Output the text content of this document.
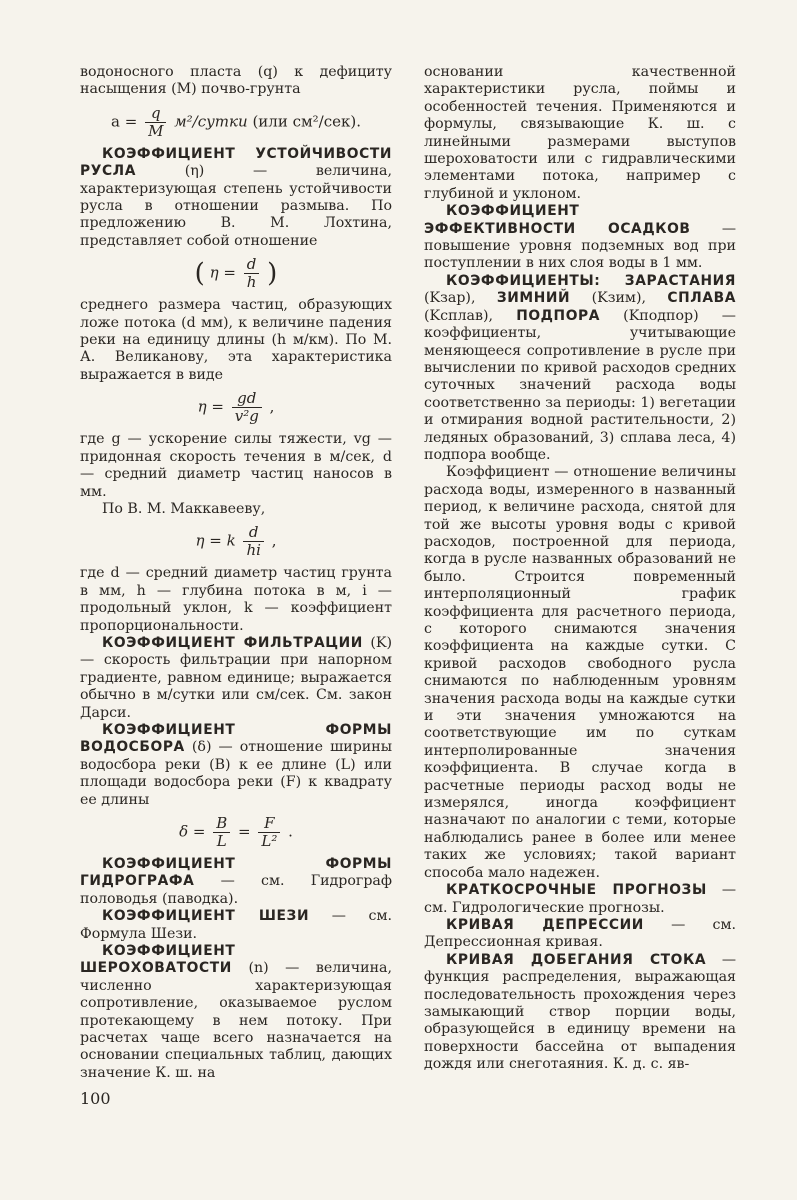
водоносного пласта (q) к дефициту насыщения (M) почво-грунта

$a = \frac{q}{M}$ м²/сутки (или см²/сек).

КОЭФФИЦИЕНТ УСТОЙЧИВОСТИ РУСЛА	(η) — величина, характеризующая степень устойчивости русла в отношении размыва. По предложению В. М. Лохтина, представляет собой отношение

( $\eta = \frac{d}{h}$ )

среднего размера частиц, образующих ложе потока (d мм), к величине падения реки на единицу длины (h м/км). По М. А. Великанову, эта характеристика выражается в виде

$\eta = \frac{gd}{\text{v²g}}$ ,

где g — ускорение силы тяжести, vg — придонная скорость течения в м/сек, d — средний диаметр частиц наносов в мм.

По В. М. Маккавееву,

η = k $\frac{d}{hi}$ ,

где d — средний диаметр частиц грунта в мм, h — глубина потока в м, i — продольный уклон, k — коэффициент пропорциональности.

КОЭФФИЦИЕНТ ФИЛЬТРАЦИИ (K) — скорость фильтрации при напорном градиенте, равном единице; выражается обычно в м/сутки или см/сек. См. закон Дарси.

КОЭФФИЦИЕНТ ФОРМЫ ВОДОСБОРА (δ) — отношение ширины водосбора реки (B) к ее длине (L) или площади водосбора реки (F) к квадрату ее длины

$\delta = \frac{B}{L} = \frac{F}{\text{L²}}$ .

КОЭФФИЦИЕНТ ФОРМЫ ГИДРОГРАФА — см. Гидрограф половодья (паводка).

КОЭФФИЦИЕНТ ШЕЗИ — см. Формула Шези.

КОЭФФИЦИЕНТ ШЕРОХОВАТОСТИ (n) — величина, численно характеризующая сопротивление, оказываемое руслом протекающему в нем потоку. При расчетах чаще всего назначается на основании специальных таблиц, дающих значение К. ш. на

основании качественной характеристики русла, поймы и особенностей течения. Применяются и формулы, связывающие К. ш. с линейными размерами выступов шероховатости или с гидравлическими элементами потока, например с глубиной и уклоном.

КОЭФФИЦИЕНТ ЭФФЕКТИВНОСТИ ОСАДКОВ — повышение уровня подземных вод при поступлении в них слоя воды в 1 мм.

КОЭФФИЦИЕНТЫ: ЗАРАСТАНИЯ (Kзар), ЗИМНИЙ (Kзим), СПЛАВА (Kсплав), ПОДПОРА (Kподпор) — коэффициенты, учитывающие меняющееся сопротивление в русле при вычислении по кривой расходов средних суточных значений расхода воды соответственно за периоды: 1) вегетации и отмирания водной растительности, 2) ледяных образований, 3) сплава леса, 4) подпора вообще.

Коэффициент — отношение величины расхода воды, измеренного в названный период, к величине расхода, снятой для той же высоты уровня воды с кривой расходов, построенной для периода, когда в русле названных образований не было. Строится повременный интерполяционный график коэффициента для расчетного периода, с которого снимаются значения коэффициента на каждые сутки. С кривой расходов свободного русла снимаются по наблюденным уровням значения расхода воды на каждые сутки и эти значения умножаются на соответствующие им по суткам интерполированные значения коэффициента. В случае когда в расчетные периоды расход воды не измерялся, иногда коэффициент назначают по аналогии с теми, которые наблюдались ранее в более или менее таких же условиях; такой вариант способа мало надежен.

КРАТКОСРОЧНЫЕ ПРОГНОЗЫ — см. Гидрологические прогнозы.

КРИВАЯ ДЕПРЕССИИ — см. Депрессионная кривая.

КРИВАЯ ДОБЕГАНИЯ СТОКА — функция распределения, выражающая последовательность прохождения через замыкающий створ порции воды, образующейся в единицу времени на поверхности бассейна от выпадения дождя или снеготаяния. К. д. с. яв-

100
